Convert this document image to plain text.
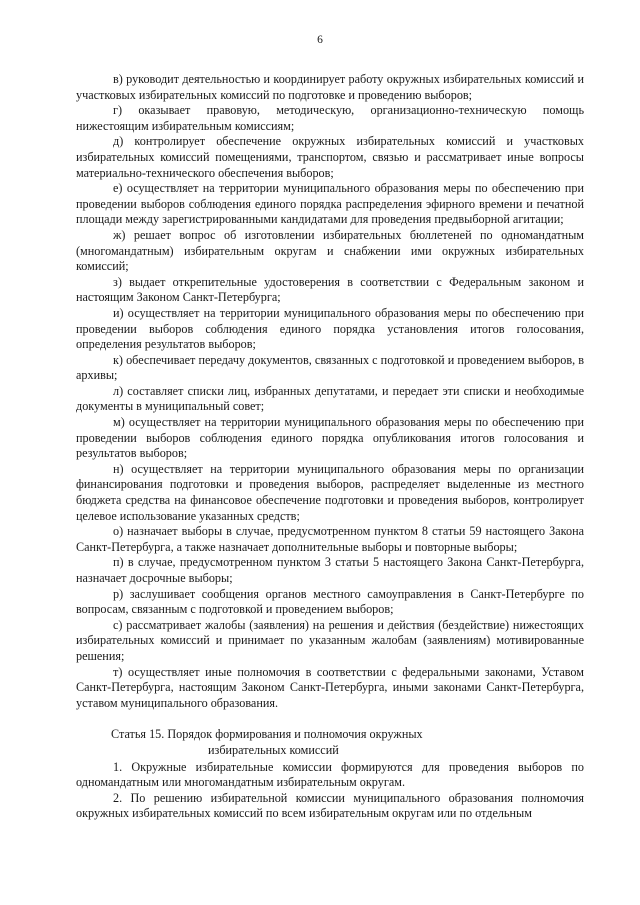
6

в) руководит деятельностью и координирует работу окружных избирательных комиссий и участковых избирательных комиссий по подготовке и проведению выборов;

г) оказывает правовую, методическую, организационно-техническую помощь нижестоящим избирательным комиссиям;

д) контролирует обеспечение окружных избирательных комиссий и участковых избирательных комиссий помещениями, транспортом, связью и рассматривает иные вопросы материально-технического обеспечения выборов;

е) осуществляет на территории муниципального образования меры по обеспечению при проведении выборов соблюдения единого порядка распределения эфирного времени и печатной площади между зарегистрированными кандидатами для проведения предвыборной агитации;

ж) решает вопрос об изготовлении избирательных бюллетеней по одномандатным (многомандатным) избирательным округам и снабжении ими окружных избирательных комиссий;

з) выдает открепительные удостоверения в соответствии с Федеральным законом и настоящим Законом Санкт-Петербурга;

и) осуществляет на территории муниципального образования меры по обеспечению при проведении выборов соблюдения единого порядка установления итогов голосования, определения результатов выборов;

к) обеспечивает передачу документов, связанных с подготовкой и проведением выборов, в архивы;

л) составляет списки лиц, избранных депутатами, и передает эти списки и необходимые документы в муниципальный совет;

м) осуществляет на территории муниципального образования меры по обеспечению при проведении выборов соблюдения единого порядка опубликования итогов голосования и результатов выборов;

н) осуществляет на территории муниципального образования меры по организации финансирования подготовки и проведения выборов, распределяет выделенные из местного бюджета средства на финансовое обеспечение подготовки и проведения выборов, контролирует целевое использование указанных средств;

о) назначает выборы в случае, предусмотренном пунктом 8 статьи 59 настоящего Закона Санкт-Петербурга, а также назначает дополнительные выборы и повторные выборы;

п) в случае, предусмотренном пунктом 3 статьи 5 настоящего Закона Санкт-Петербурга, назначает досрочные выборы;

р) заслушивает сообщения органов местного самоуправления в Санкт-Петербурге по вопросам, связанным с подготовкой и проведением выборов;

с) рассматривает жалобы (заявления) на решения и действия (бездействие) нижестоящих избирательных комиссий и принимает по указанным жалобам (заявлениям) мотивированные решения;

т) осуществляет иные полномочия в соответствии с федеральными законами, Уставом Санкт-Петербурга, настоящим Законом Санкт-Петербурга, иными законами Санкт-Петербурга, уставом муниципального образования.

Статья 15. Порядок формирования и полномочия окружных
избирательных комиссий

1. Окружные избирательные комиссии формируются для проведения выборов по одномандатным или многомандатным избирательным округам.

2. По решению избирательной комиссии муниципального образования полномочия окружных избирательных комиссий по всем избирательным округам или по отдельным
